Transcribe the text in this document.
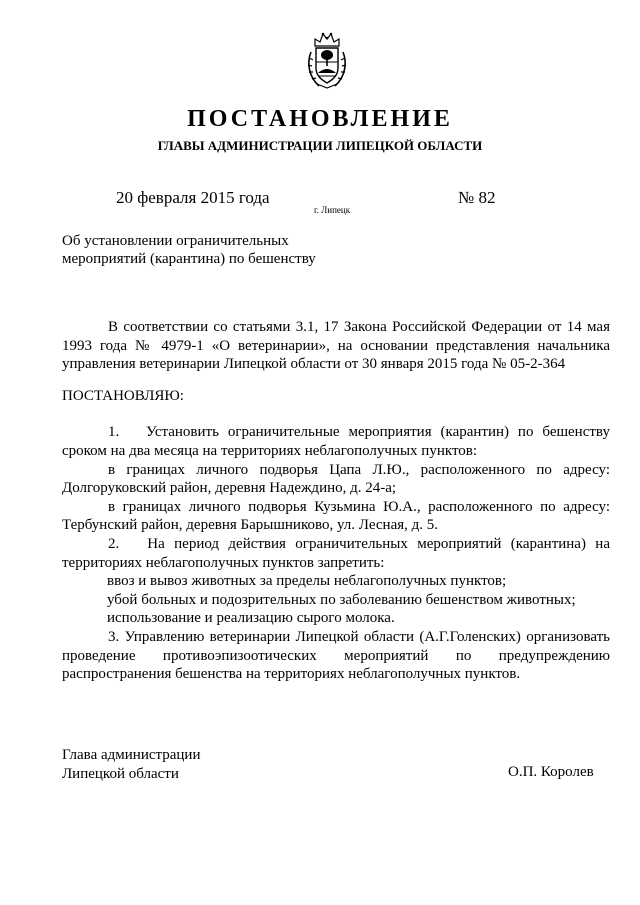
ПОСТАНОВЛЕНИЕ
ГЛАВЫ АДМИНИСТРАЦИИ ЛИПЕЦКОЙ ОБЛАСТИ
20 февраля 2015 года
г. Липецк
№ 82
Об установлении ограничительных
мероприятий (карантина) по бешенству
В соответствии со статьями 3.1, 17 Закона Российской Федерации от 14 мая 1993 года № 4979-1 «О ветеринарии», на основании представления начальника управления ветеринарии Липецкой области от 30 января 2015 года № 05-2-364
ПОСТАНОВЛЯЮ:
1.   Установить ограничительные мероприятия (карантин) по бешенству сроком на два месяца на территориях неблагополучных пунктов:
в границах личного подворья Цапа Л.Ю., расположенного по адресу: Долгоруковский район, деревня Надеждино, д. 24-а;
в границах личного подворья Кузьмина Ю.А., расположенного по адресу: Тербунский район, деревня Барышниково, ул. Лесная, д. 5.
2.   На период действия ограничительных мероприятий (карантина) на территориях неблагополучных пунктов запретить:
ввоз и вывоз животных за пределы неблагополучных пунктов;
убой больных и подозрительных по заболеванию бешенством животных;
использование и реализацию сырого молока.
3. Управлению ветеринарии Липецкой области (А.Г.Голенских) организовать проведение противоэпизоотических мероприятий по предупреждению распространения бешенства на территориях неблагополучных пунктов.
Глава администрации
Липецкой области	О.П. Королев
